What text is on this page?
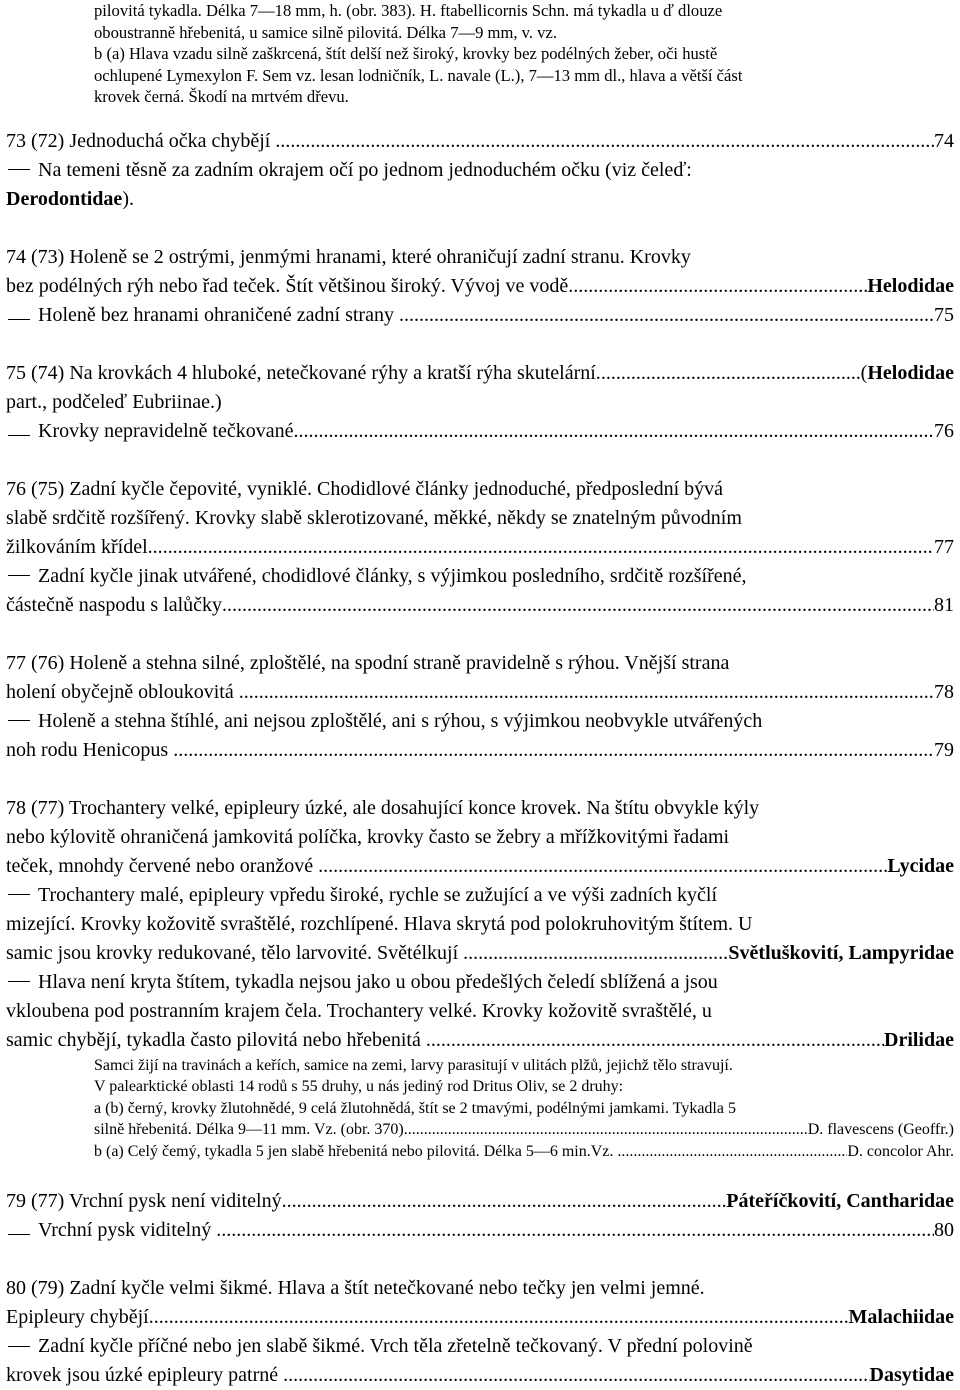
pilovitá tykadla. Délka 7—18 mm, h. (obr. 383). H. ftabellicornis Schn. má tykadla u ď dlouze
oboustranně hřebenitá, u samice silně pilovitá. Délka 7—9 mm, v. vz.
b (a) Hlava vzadu silně zaškrcená, štít delší než široký, krovky bez podélných žeber, oči hustě
ochlupené Lymexylon F. Sem vz. lesan lodničník, L. navale (L.), 7—13 mm dl., hlava a větší část
krovek černá. Škodí na mrtvém dřevu.
73 (72) Jednoduchá očka chybějí . .....	74
Na temeni těsně za zadním okrajem očí po jednom jednoduchém očku (viz čeleď:
Derodontidae).
74 (73) Holeně se 2 ostrými, jenmými hranami, které ohraničují zadní stranu. Krovky
bez podélných rýh nebo řad teček. Štít většinou široký. Vývoj ve vodě .....	Helodidae
Holeně bez hranami ohraničené zadní strany . .....	75
75 (74) Na krovkách 4 hluboké, netečkované rýhy a kratší rýha skutelární. .....	(Helodidae
part., podčeleď Eubriinae.)
Krovky nepravidelně tečkované .....	76
76 (75) Zadní kyčle čepovité, vyniklé. Chodidlové články jednoduché, předposlední bývá
slabě srdčitě rozšířený. Krovky slabě sklerotizované, měkké, někdy se znatelným původním
žilkováním křídel .....	77
Zadní kyčle jinak utvářené, chodidlové články, s výjimkou posledního, srdčitě rozšířené,
částečně naspodu s lalůčky .....	81
77 (76) Holeně a stehna silné, zploštělé, na spodní straně pravidelně s rýhou. Vnější strana
holení obyčejně obloukovitá . .....	78
Holeně a stehna štíhlé, ani nejsou zploštělé, ani s rýhou, s výjimkou neobvykle utvářených
noh rodu Henicopus . .....	79
78 (77) Trochantery velké, epipleury úzké, ale dosahující konce krovek. Na štítu obvykle kýly
nebo kýlovitě ohraničená jamkovitá políčka, krovky často se žebry a mřížkovitými řadami
teček, mnohdy červené nebo oranžové . .....	Lycidae
Trochantery malé, epipleury vpředu široké, rychle se zužující a ve výši zadních kyčlí
mizející. Krovky kožovitě svraštělé, rozchlípené. Hlava skrytá pod polokruhovitým štítem. U
samic jsou krovky redukované, tělo larvovité. Světélkují . .....	Světluškovití, Lampyridae
Hlava není kryta štítem, tykadla nejsou jako u obou předešlých čeledí sblížená a jsou
vkloubena pod postranním krajem čela. Trochantery velké. Krovky kožovitě svraštělé, u
samic chybějí, tykadla často pilovitá nebo hřebenitá . .....	Drilidae
Samci žijí na travinách a keřích, samice na zemi, larvy parasitují v ulitách plžů, jejichž tělo stravují.
V palearktické oblasti 14 rodů s 55 druhy, u nás jediný rod Dritus Oliv, se 2 druhy:
a (b) černý, krovky žlutohnědé, 9 celá žlutohnědá, štít se 2 tmavými, podélnými jamkami. Tykadla 5
silně hřebenitá. Délka 9—11 mm. Vz. (obr. 370) .....	D. flavescens (Geoffr.)
b (a) Celý čemý, tykadla 5 jen slabě hřebenitá nebo pilovitá. Délka 5—6 min.Vz. . .....	D. concolor Ahr.
79 (77) Vrchní pysk není viditelný .....	Páteříčkovití, Cantharidae
Vrchní pysk viditelný . .....	80
80 (79) Zadní kyčle velmi šikmé. Hlava a štít netečkované nebo tečky jen velmi jemné.
Epipleury chybějí .....	Malachiidae
Zadní kyčle příčné nebo jen slabě šikmé. Vrch těla zřetelně tečkovaný. V přední polovině
krovek jsou úzké epipleury patrné . .....	Dasytidae
